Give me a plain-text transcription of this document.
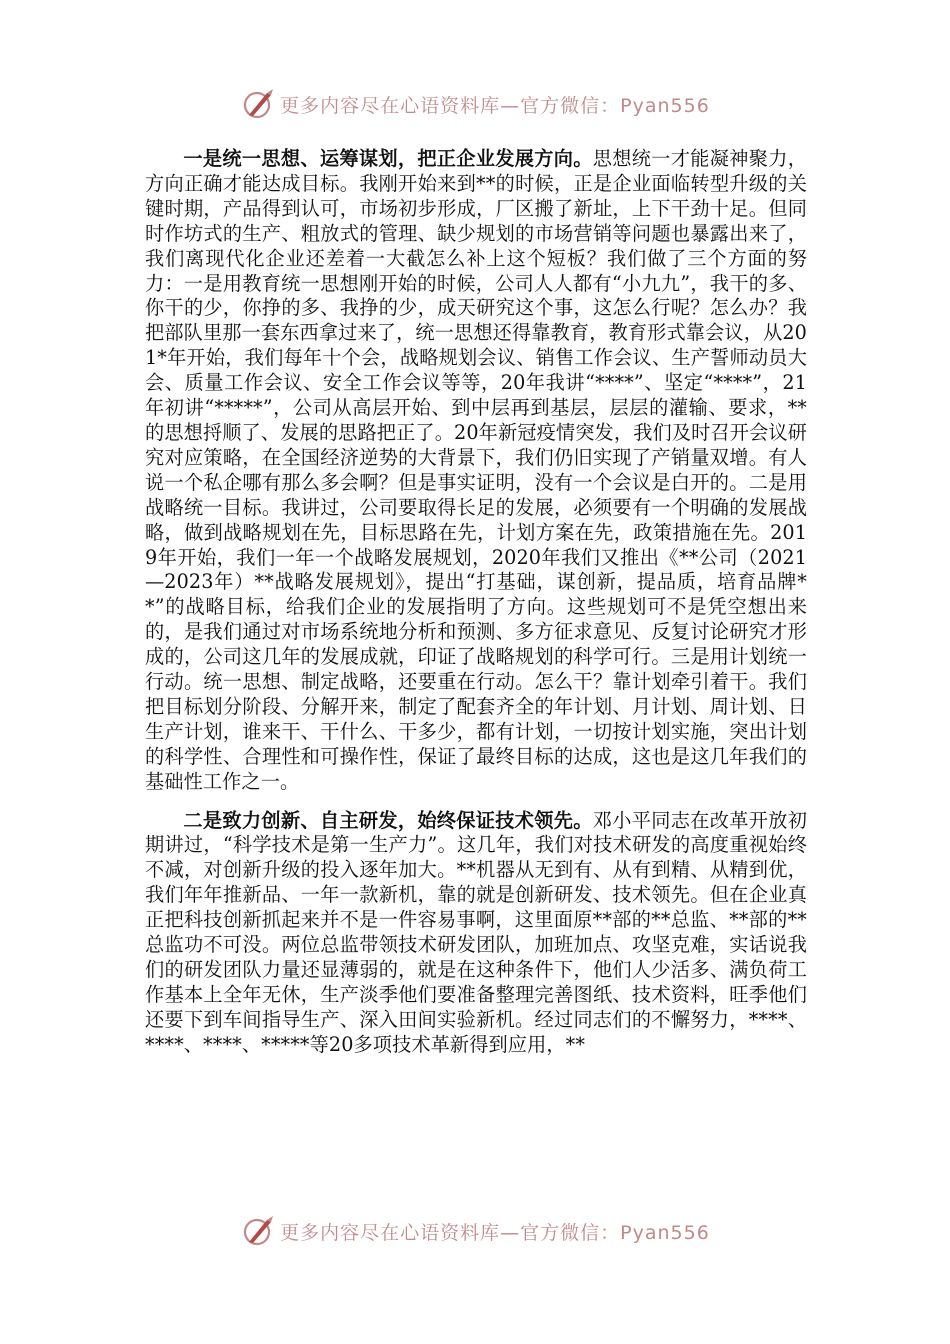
更多内容尽在心语资料库—官方微信：Pyan556

一是统一思想、运筹谋划，把正企业发展方向。思想统一才能凝神聚力，方向正确才能达成目标。我刚开始来到**的时候，正是企业面临转型升级的关键时期，产品得到认可，市场初步形成，厂区搬了新址，上下干劲十足。但同时作坊式的生产、粗放式的管理、缺少规划的市场营销等问题也暴露出来了，我们离现代化企业还差着一大截怎么补上这个短板？我们做了三个方面的努力：一是用教育统一思想刚开始的时候，公司人人都有“小九九”，我干的多、你干的少，你挣的多、我挣的少，成天研究这个事，这怎么行呢？怎么办？我把部队里那一套东西拿过来了，统一思想还得靠教育，教育形式靠会议，从201*年开始，我们每年十个会，战略规划会议、销售工作会议、生产誓师动员大会、质量工作会议、安全工作会议等等，20年我讲“****”、坚定“****”，21年初讲“*****”，公司从高层开始、到中层再到基层，层层的灌输、要求，**的思想捋顺了、发展的思路把正了。20年新冠疫情突发，我们及时召开会议研究对应策略，在全国经济逆势的大背景下，我们仍旧实现了产销量双增。有人说一个私企哪有那么多会啊？但是事实证明，没有一个会议是白开的。二是用战略统一目标。我讲过，公司要取得长足的发展，必须要有一个明确的发展战略，做到战略规划在先，目标思路在先，计划方案在先，政策措施在先。2019年开始，我们一年一个战略发展规划，2020年我们又推出《**公司（2021—2023年）**战略发展规划》，提出“打基础，谋创新，提品质，培育品牌**”的战略目标，给我们企业的发展指明了方向。这些规划可不是凭空想出来的，是我们通过对市场系统地分析和预测、多方征求意见、反复讨论研究才形成的，公司这几年的发展成就，印证了战略规划的科学可行。三是用计划统一行动。统一思想、制定战略，还要重在行动。怎么干？靠计划牵引着干。我们把目标划分阶段、分解开来，制定了配套齐全的年计划、月计划、周计划、日生产计划，谁来干、干什么、干多少，都有计划，一切按计划实施，突出计划的科学性、合理性和可操作性，保证了最终目标的达成，这也是这几年我们的基础性工作之一。

二是致力创新、自主研发，始终保证技术领先。邓小平同志在改革开放初期讲过，“科学技术是第一生产力”。这几年，我们对技术研发的高度重视始终不减，对创新升级的投入逐年加大。**机器从无到有、从有到精、从精到优，我们年年推新品、一年一款新机，靠的就是创新研发、技术领先。但在企业真正把科技创新抓起来并不是一件容易事啊，这里面原**部的**总监、**部的**总监功不可没。两位总监带领技术研发团队，加班加点、攻坚克难，实话说我们的研发团队力量还显薄弱的，就是在这种条件下，他们人少活多、满负荷工作基本上全年无休，生产淡季他们要准备整理完善图纸、技术资料，旺季他们还要下到车间指导生产、深入田间实验新机。经过同志们的不懈努力，****、****、****、*****等20多项技术革新得到应用，**

更多内容尽在心语资料库—官方微信：Pyan556
